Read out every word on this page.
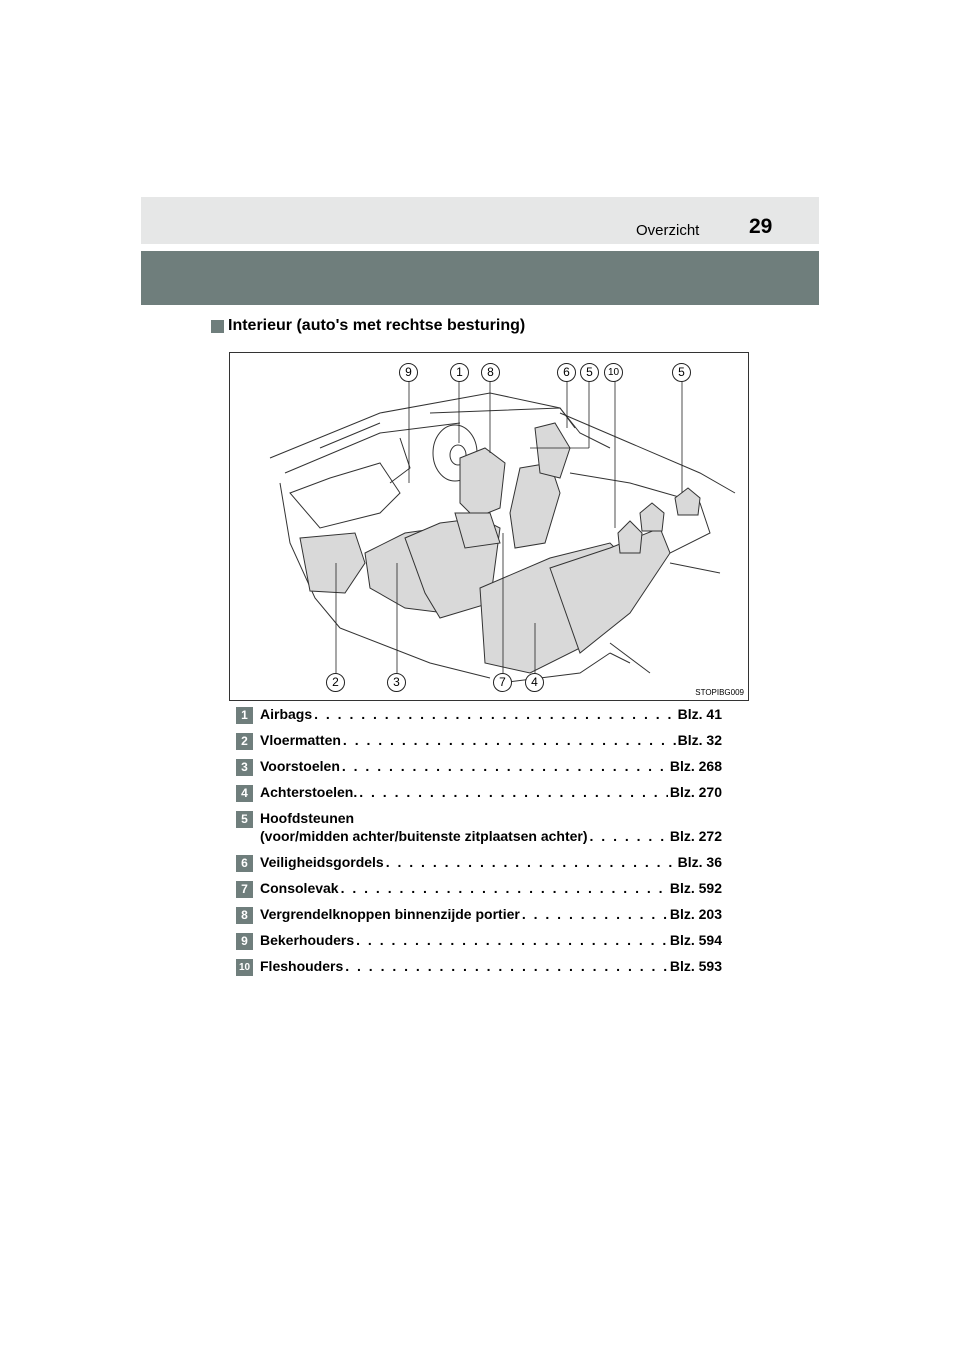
Overzicht 29
Interieur (auto's met rechtse besturing)
9	1	8	6	5	10	5
2	3	7	4
STOPIBG009
1 Airbags . . .	Blz. 41
2 Vloermatten . . .	Blz. 32
3 Voorstoelen . . .	Blz. 268
4 Achterstoelen. . . .	Blz. 270
5 Hoofdsteunen
(voor/midden achter/buitenste zitplaatsen achter) . . .	Blz. 272
6 Veiligheidsgordels . . .	Blz. 36
7 Consolevak . . .	Blz. 592
8 Vergrendelknoppen binnenzijde portier . . .	Blz. 203
9 Bekerhouders . . .	Blz. 594
10 Fleshouders . . .	Blz. 593
